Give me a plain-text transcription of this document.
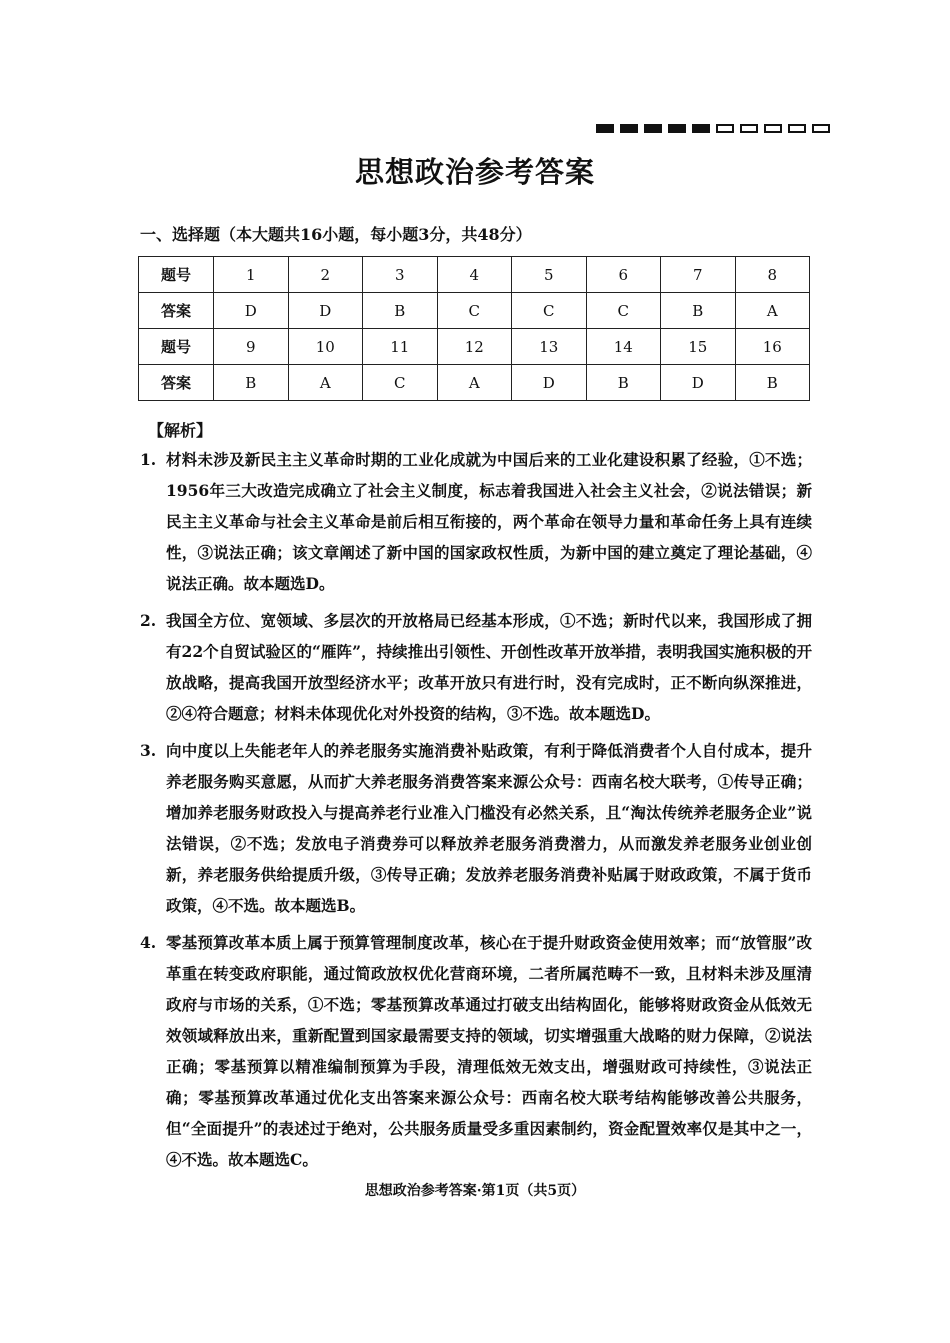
思想政治参考答案
一、选择题（本大题共16小题，每小题3分，共48分）
题号	1	2	3	4	5	6	7	8
答案	D	D	B	C	C	C	B	A
题号	9	10	11	12	13	14	15	16
答案	B	A	C	A	D	B	D	B
【解析】
1. 材料未涉及新民主主义革命时期的工业化成就为中国后来的工业化建设积累了经验，①不选；1956年三大改造完成确立了社会主义制度，标志着我国进入社会主义社会，②说法错误；新民主主义革命与社会主义革命是前后相互衔接的，两个革命在领导力量和革命任务上具有连续性，③说法正确；该文章阐述了新中国的国家政权性质，为新中国的建立奠定了理论基础，④说法正确。故本题选D。
2. 我国全方位、宽领域、多层次的开放格局已经基本形成，①不选；新时代以来，我国形成了拥有22个自贸试验区的“雁阵”，持续推出引领性、开创性改革开放举措，表明我国实施积极的开放战略，提高我国开放型经济水平；改革开放只有进行时，没有完成时，正不断向纵深推进，②④符合题意；材料未体现优化对外投资的结构，③不选。故本题选D。
3. 向中度以上失能老年人的养老服务实施消费补贴政策，有利于降低消费者个人自付成本，提升养老服务购买意愿，从而扩大养老服务消费答案来源公众号：西南名校大联考，①传导正确；增加养老服务财政投入与提高养老行业准入门槛没有必然关系，且“淘汰传统养老服务企业”说法错误，②不选；发放电子消费券可以释放养老服务消费潜力，从而激发养老服务业创业创新，养老服务供给提质升级，③传导正确；发放养老服务消费补贴属于财政政策，不属于货币政策，④不选。故本题选B。
4. 零基预算改革本质上属于预算管理制度改革，核心在于提升财政资金使用效率；而“放管服”改革重在转变政府职能，通过简政放权优化营商环境，二者所属范畴不一致，且材料未涉及厘清政府与市场的关系，①不选；零基预算改革通过打破支出结构固化，能够将财政资金从低效无效领域释放出来，重新配置到国家最需要支持的领域，切实增强重大战略的财力保障，②说法正确；零基预算以精准编制预算为手段，清理低效无效支出，增强财政可持续性，③说法正确；零基预算改革通过优化支出答案来源公众号：西南名校大联考结构能够改善公共服务，但“全面提升”的表述过于绝对，公共服务质量受多重因素制约，资金配置效率仅是其中之一，④不选。故本题选C。
思想政治参考答案·第1页（共5页）
